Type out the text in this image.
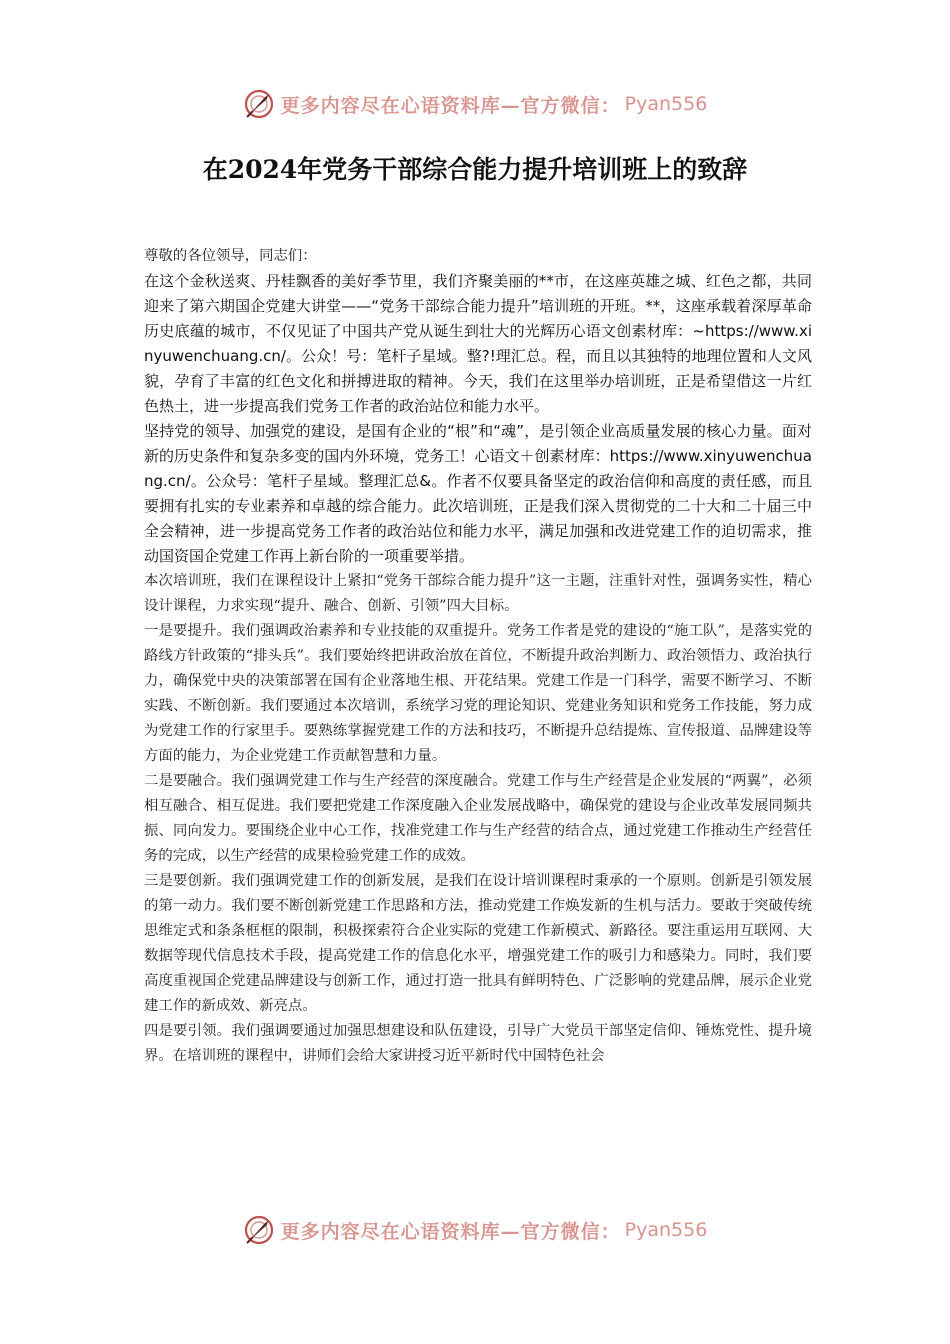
更多内容尽在心语资料库—官方微信： Pyan556
在2024年党务干部综合能力提升培训班上的致辞

尊敬的各位领导，同志们：

在这个金秋送爽、丹桂飘香的美好季节里，我们齐聚美丽的**市，在这座英雄之城、红色之都，共同迎来了第六期国企党建大讲堂——“党务干部综合能力提升”培训班的开班。**，这座承载着深厚革命历史底蕴的城市，不仅见证了中国共产党从诞生到壮大的光辉历心语文创素材库：~https://www.xinyuwenchuang.cn/。公众！号：笔杆子星域。整?!理汇总。程，而且以其独特的地理位置和人文风貌，孕育了丰富的红色文化和拼搏进取的精神。今天，我们在这里举办培训班，正是希望借这一片红色热土，进一步提高我们党务工作者的政治站位和能力水平。

坚持党的领导、加强党的建设，是国有企业的“根”和“魂”，是引领企业高质量发展的核心力量。面对新的历史条件和复杂多变的国内外环境，党务工！心语文＋创素材库：https://www.xinyuwenchuang.cn/。公众号：笔杆子星域。整理汇总&。作者不仅要具备坚定的政治信仰和高度的责任感，而且要拥有扎实的专业素养和卓越的综合能力。此次培训班，正是我们深入贯彻党的二十大和二十届三中全会精神，进一步提高党务工作者的政治站位和能力水平，满足加强和改进党建工作的迫切需求，推动国资国企党建工作再上新台阶的一项重要举措。

本次培训班，我们在课程设计上紧扣“党务干部综合能力提升”这一主题，注重针对性，强调务实性，精心设计课程，力求实现“提升、融合、创新、引领”四大目标。

一是要提升。我们强调政治素养和专业技能的双重提升。党务工作者是党的建设的“施工队”，是落实党的路线方针政策的“排头兵”。我们要始终把讲政治放在首位，不断提升政治判断力、政治领悟力、政治执行力，确保党中央的决策部署在国有企业落地生根、开花结果。党建工作是一门科学，需要不断学习、不断实践、不断创新。我们要通过本次培训，系统学习党的理论知识、党建业务知识和党务工作技能，努力成为党建工作的行家里手。要熟练掌握党建工作的方法和技巧，不断提升总结提炼、宣传报道、品牌建设等方面的能力，为企业党建工作贡献智慧和力量。

二是要融合。我们强调党建工作与生产经营的深度融合。党建工作与生产经营是企业发展的“两翼”，必须相互融合、相互促进。我们要把党建工作深度融入企业发展战略中，确保党的建设与企业改革发展同频共振、同向发力。要围绕企业中心工作，找准党建工作与生产经营的结合点，通过党建工作推动生产经营任务的完成，以生产经营的成果检验党建工作的成效。

三是要创新。我们强调党建工作的创新发展，是我们在设计培训课程时秉承的一个原则。创新是引领发展的第一动力。我们要不断创新党建工作思路和方法，推动党建工作焕发新的生机与活力。要敢于突破传统思维定式和条条框框的限制，积极探索符合企业实际的党建工作新模式、新路径。要注重运用互联网、大数据等现代信息技术手段，提高党建工作的信息化水平，增强党建工作的吸引力和感染力。同时，我们要高度重视国企党建品牌建设与创新工作，通过打造一批具有鲜明特色、广泛影响的党建品牌，展示企业党建工作的新成效、新亮点。

四是要引领。我们强调要通过加强思想建设和队伍建设，引导广大党员干部坚定信仰、锤炼党性、提升境界。在培训班的课程中，讲师们会给大家讲授习近平新时代中国特色社会

更多内容尽在心语资料库—官方微信： Pyan556
